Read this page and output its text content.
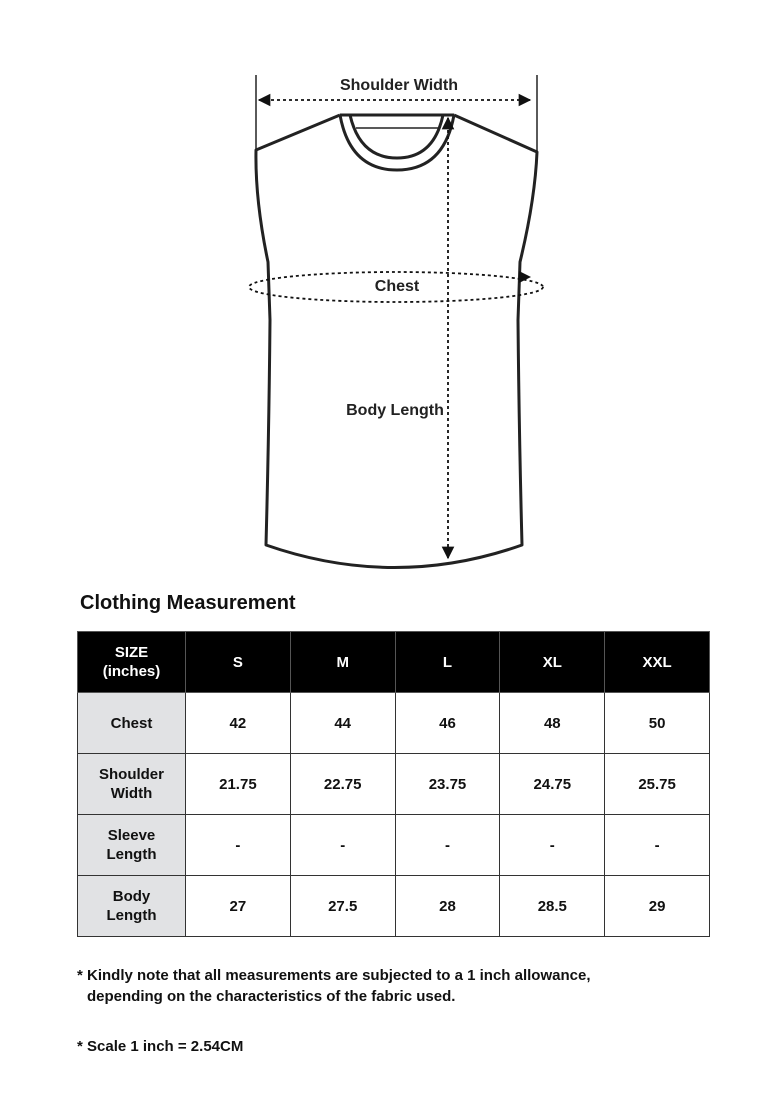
Shoulder Width
Chest
Body Length
Clothing Measurement
SIZE
(inches)	S	M	L	XL	XXL
Chest	42	44	46	48	50
Shoulder
Width	21.75	22.75	23.75	24.75	25.75
Sleeve
Length	-	-	-	-	-
Body
Length	27	27.5	28	28.5	29

* Kindly note that all measurements are subjected to a 1 inch allowance,
depending on the characteristics of the fabric used.

* Scale 1 inch = 2.54CM
